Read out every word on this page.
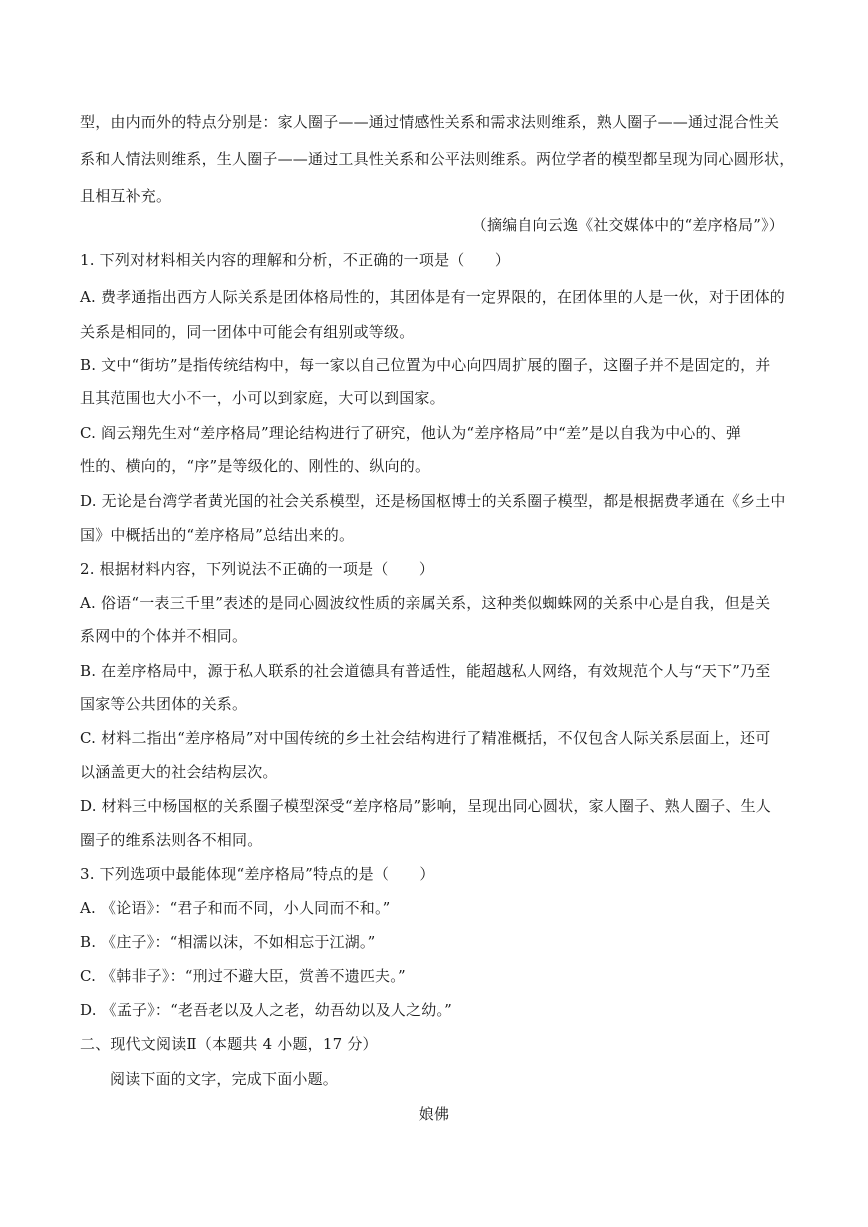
型，由内而外的特点分别是：家人圈子——通过情感性关系和需求法则维系，熟人圈子——通过混合性关
系和人情法则维系，生人圈子——通过工具性关系和公平法则维系。两位学者的模型都呈现为同心圆形状，
且相互补充。
（摘编自向云逸《社交媒体中的“差序格局”》）
1. 下列对材料相关内容的理解和分析，不正确的一项是（　　）
A. 费孝通指出西方人际关系是团体格局性的，其团体是有一定界限的，在团体里的人是一伙，对于团体的
关系是相同的，同一团体中可能会有组别或等级。
B. 文中“街坊”是指传统结构中，每一家以自己位置为中心向四周扩展的圈子，这圈子并不是固定的，并
且其范围也大小不一，小可以到家庭，大可以到国家。
C. 阎云翔先生对“差序格局”理论结构进行了研究，他认为“差序格局”中“差”是以自我为中心的、弹
性的、横向的，“序”是等级化的、刚性的、纵向的。
D. 无论是台湾学者黄光国的社会关系模型，还是杨国枢博士的关系圈子模型，都是根据费孝通在《乡土中
国》中概括出的“差序格局”总结出来的。
2. 根据材料内容，下列说法不正确的一项是（　　）
A. 俗语“一表三千里”表述的是同心圆波纹性质的亲属关系，这种类似蜘蛛网的关系中心是自我，但是关
系网中的个体并不相同。
B. 在差序格局中，源于私人联系的社会道德具有普适性，能超越私人网络，有效规范个人与“天下”乃至
国家等公共团体的关系。
C. 材料二指出“差序格局”对中国传统的乡土社会结构进行了精准概括，不仅包含人际关系层面上，还可
以涵盖更大的社会结构层次。
D. 材料三中杨国枢的关系圈子模型深受“差序格局”影响，呈现出同心圆状，家人圈子、熟人圈子、生人
圈子的维系法则各不相同。
3. 下列选项中最能体现“差序格局”特点的是（　　）
A. 《论语》：“君子和而不同，小人同而不和。”
B. 《庄子》：“相濡以沫，不如相忘于江湖。”
C. 《韩非子》：“刑过不避大臣，赏善不遗匹夫。”
D. 《孟子》：“老吾老以及人之老，幼吾幼以及人之幼。”
二、现代文阅读Ⅱ（本题共 4 小题，17 分）
阅读下面的文字，完成下面小题。
娘佛
